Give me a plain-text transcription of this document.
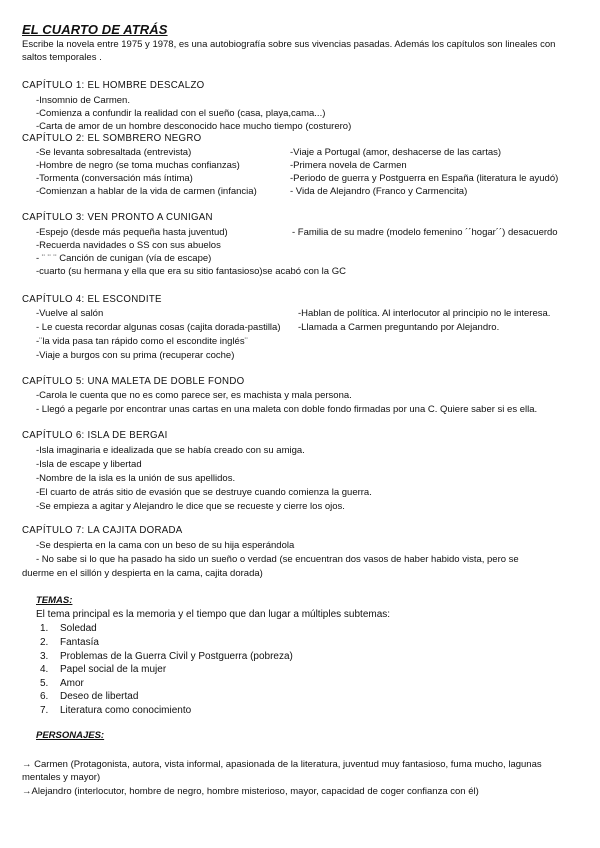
EL CUARTO DE ATRÁS
Escribe la novela entre 1975 y 1978, es una autobiografía sobre sus vivencias pasadas. Además los capítulos son lineales con saltos temporales .
CAPÍTULO 1: EL HOMBRE DESCALZO
-Insomnio de Carmen.
-Comienza a confundir la realidad con el sueño (casa, playa,cama...)
-Carta de amor de un hombre desconocido hace mucho tiempo (costurero)
CAPÍTULO 2: EL SOMBRERO NEGRO
-Se levanta sobresaltada (entrevista)
-Hombre de negro (se toma muchas confianzas)
-Tormenta (conversación más íntima)
-Comienzan a hablar de la vida de carmen (infancia)
-Viaje a Portugal (amor, deshacerse de las cartas)
-Primera novela de Carmen
-Periodo de guerra y Postguerra en España (literatura le ayudó)
- Vida de Alejandro (Franco y Carmencita)
CAPÍTULO 3: VEN PRONTO A CUNIGAN
-Espejo (desde más pequeña hasta juventud)
-Recuerda navidades o SS con sus abuelos
- ¨ ¨ ¨ Canción de cunigan (vía de escape)
-cuarto (su hermana y ella que era su sitio fantasioso)se acabó con la GC
- Familia de su madre (modelo femenino ´´hogar´´) desacuerdo
CAPÍTULO 4: EL ESCONDITE
-Vuelve al salón
- Le cuesta recordar algunas cosas (cajita dorada-pastilla)
-¨la vida pasa tan rápido como el escondite inglés¨
-Viaje a burgos con su prima (recuperar coche)
-Hablan de política. Al interlocutor al principio no le interesa.
-Llamada a Carmen preguntando por Alejandro.
CAPÍTULO 5: UNA MALETA DE DOBLE FONDO
-Carola le cuenta que no es como parece ser, es machista y mala persona.
- Llegó a pegarle por encontrar unas cartas en una maleta con doble fondo firmadas por una C. Quiere saber si es ella.
CAPÍTULO 6: ISLA DE BERGAI
-Isla imaginaria e idealizada que se había creado con su amiga.
-Isla de escape y libertad
-Nombre de la isla es la unión de sus apellidos.
-El cuarto de atrás sitio de evasión que se destruye cuando comienza la guerra.
-Se empieza a agitar y Alejandro le dice que se recueste y cierre los ojos.
CAPÍTULO 7: LA CAJITA DORADA
-Se despierta en la cama con un beso de su hija esperándola
- No sabe si lo que ha pasado ha sido un sueño o verdad (se encuentran dos vasos de haber habido vista, pero se
duerme en el sillón y despierta en la cama, cajita dorada)
TEMAS:
El tema principal es la memoria y el tiempo que dan lugar a múltiples subtemas:
1. Soledad
2. Fantasía
3. Problemas de la Guerra Civil y Postguerra (pobreza)
4. Papel social de la mujer
5. Amor
6. Deseo de libertad
7. Literatura como conocimiento
PERSONAJES:
→ Carmen (Protagonista, autora, vista informal, apasionada de la literatura, juventud muy fantasioso, fuma mucho, lagunas mentales y mayor)
→Alejandro (interlocutor, hombre de negro, hombre misterioso, mayor, capacidad de coger confianza con él)
